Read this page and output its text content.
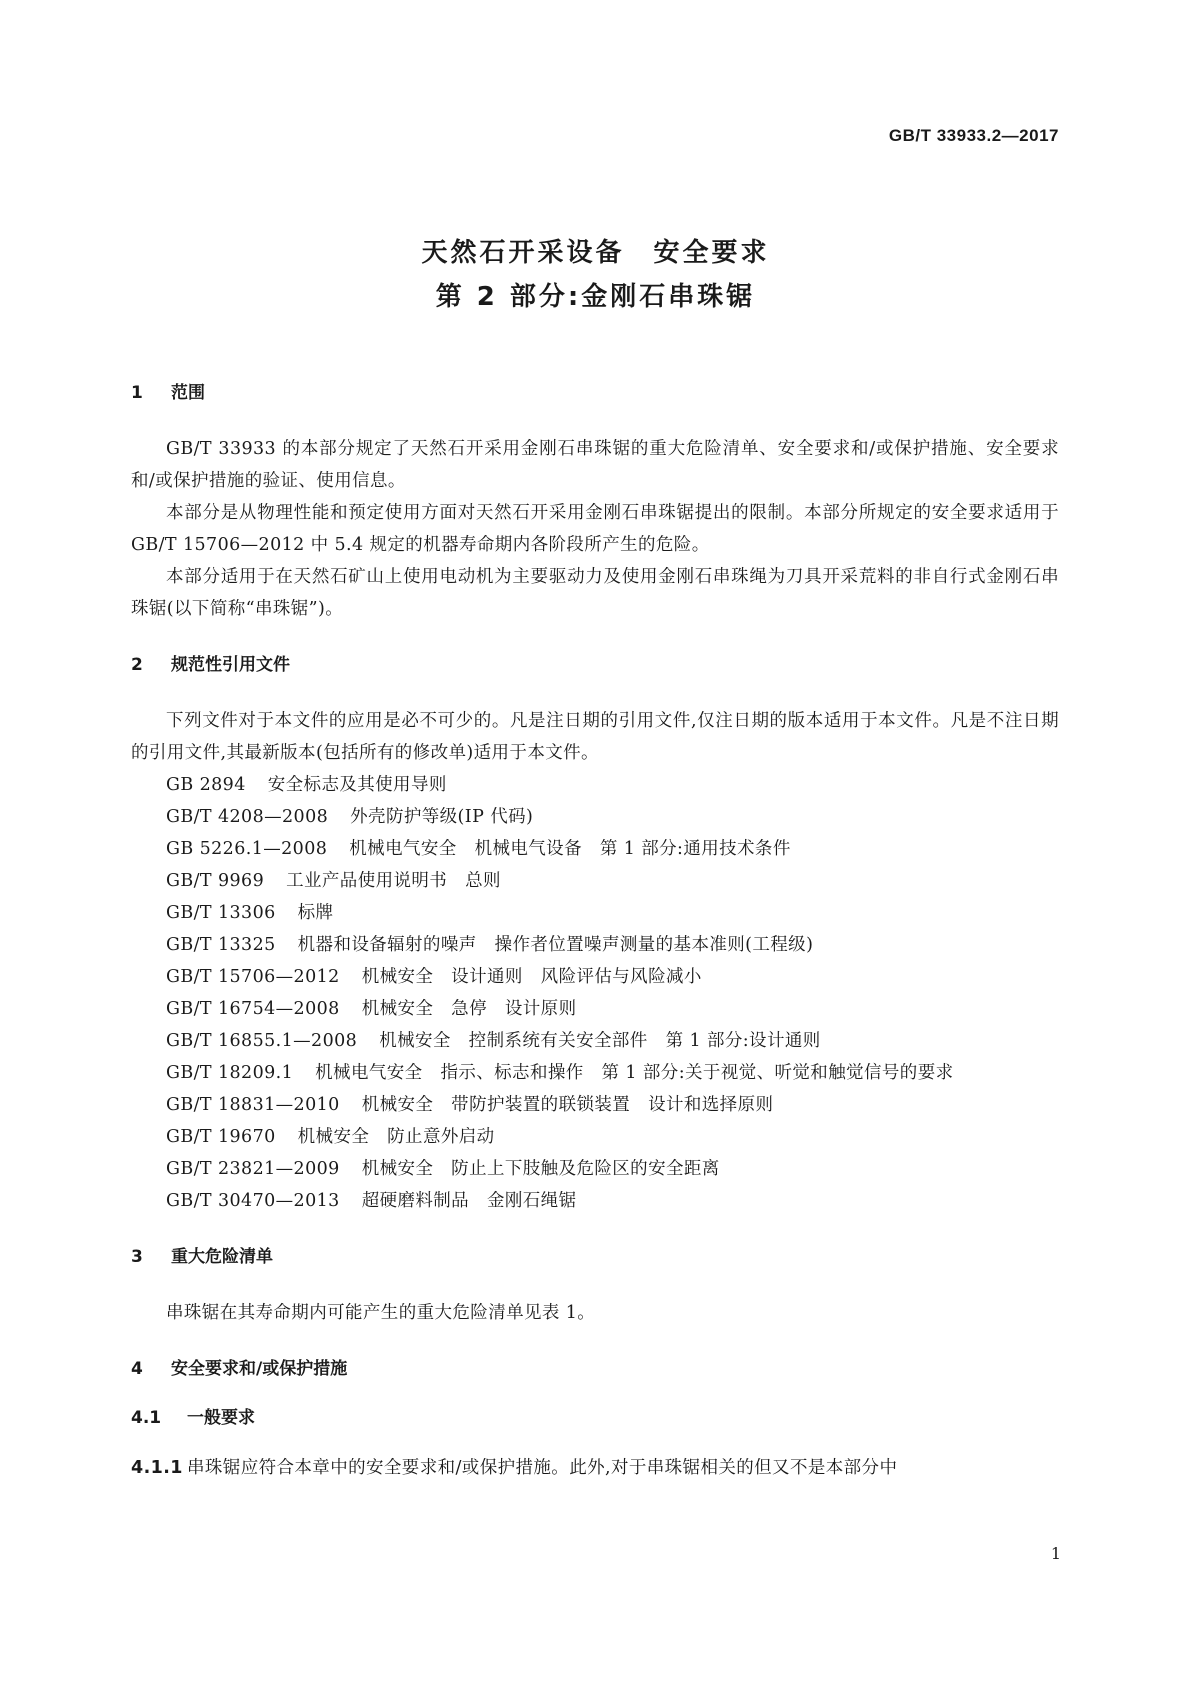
GB/T 33933.2—2017
天然石开采设备　安全要求
第 2 部分:金刚石串珠锯
1 范围

GB/T 33933 的本部分规定了天然石开采用金刚石串珠锯的重大危险清单、安全要求和/或保护措施、安全要求和/或保护措施的验证、使用信息。

本部分是从物理性能和预定使用方面对天然石开采用金刚石串珠锯提出的限制。本部分所规定的安全要求适用于 GB/T 15706—2012 中 5.4 规定的机器寿命期内各阶段所产生的危险。

本部分适用于在天然石矿山上使用电动机为主要驱动力及使用金刚石串珠绳为刀具开采荒料的非自行式金刚石串珠锯(以下简称“串珠锯”)。

2 规范性引用文件

下列文件对于本文件的应用是必不可少的。凡是注日期的引用文件,仅注日期的版本适用于本文件。凡是不注日期的引用文件,其最新版本(包括所有的修改单)适用于本文件。

GB 2894 安全标志及其使用导则
GB/T 4208—2008 外壳防护等级(IP 代码)
GB 5226.1—2008 机械电气安全　机械电气设备　第 1 部分:通用技术条件
GB/T 9969 工业产品使用说明书　总则
GB/T 13306 标牌
GB/T 13325 机器和设备辐射的噪声　操作者位置噪声测量的基本准则(工程级)
GB/T 15706—2012 机械安全　设计通则　风险评估与风险减小
GB/T 16754—2008 机械安全　急停　设计原则
GB/T 16855.1—2008 机械安全　控制系统有关安全部件　第 1 部分:设计通则
GB/T 18209.1 机械电气安全　指示、标志和操作　第 1 部分:关于视觉、听觉和触觉信号的要求
GB/T 18831—2010 机械安全　带防护装置的联锁装置　设计和选择原则
GB/T 19670 机械安全　防止意外启动
GB/T 23821—2009 机械安全　防止上下肢触及危险区的安全距离
GB/T 30470—2013 超硬磨料制品　金刚石绳锯
3 重大危险清单

串珠锯在其寿命期内可能产生的重大危险清单见表 1。

4 安全要求和/或保护措施
4.1 一般要求
4.1.1 串珠锯应符合本章中的安全要求和/或保护措施。此外,对于串珠锯相关的但又不是本部分中
1
